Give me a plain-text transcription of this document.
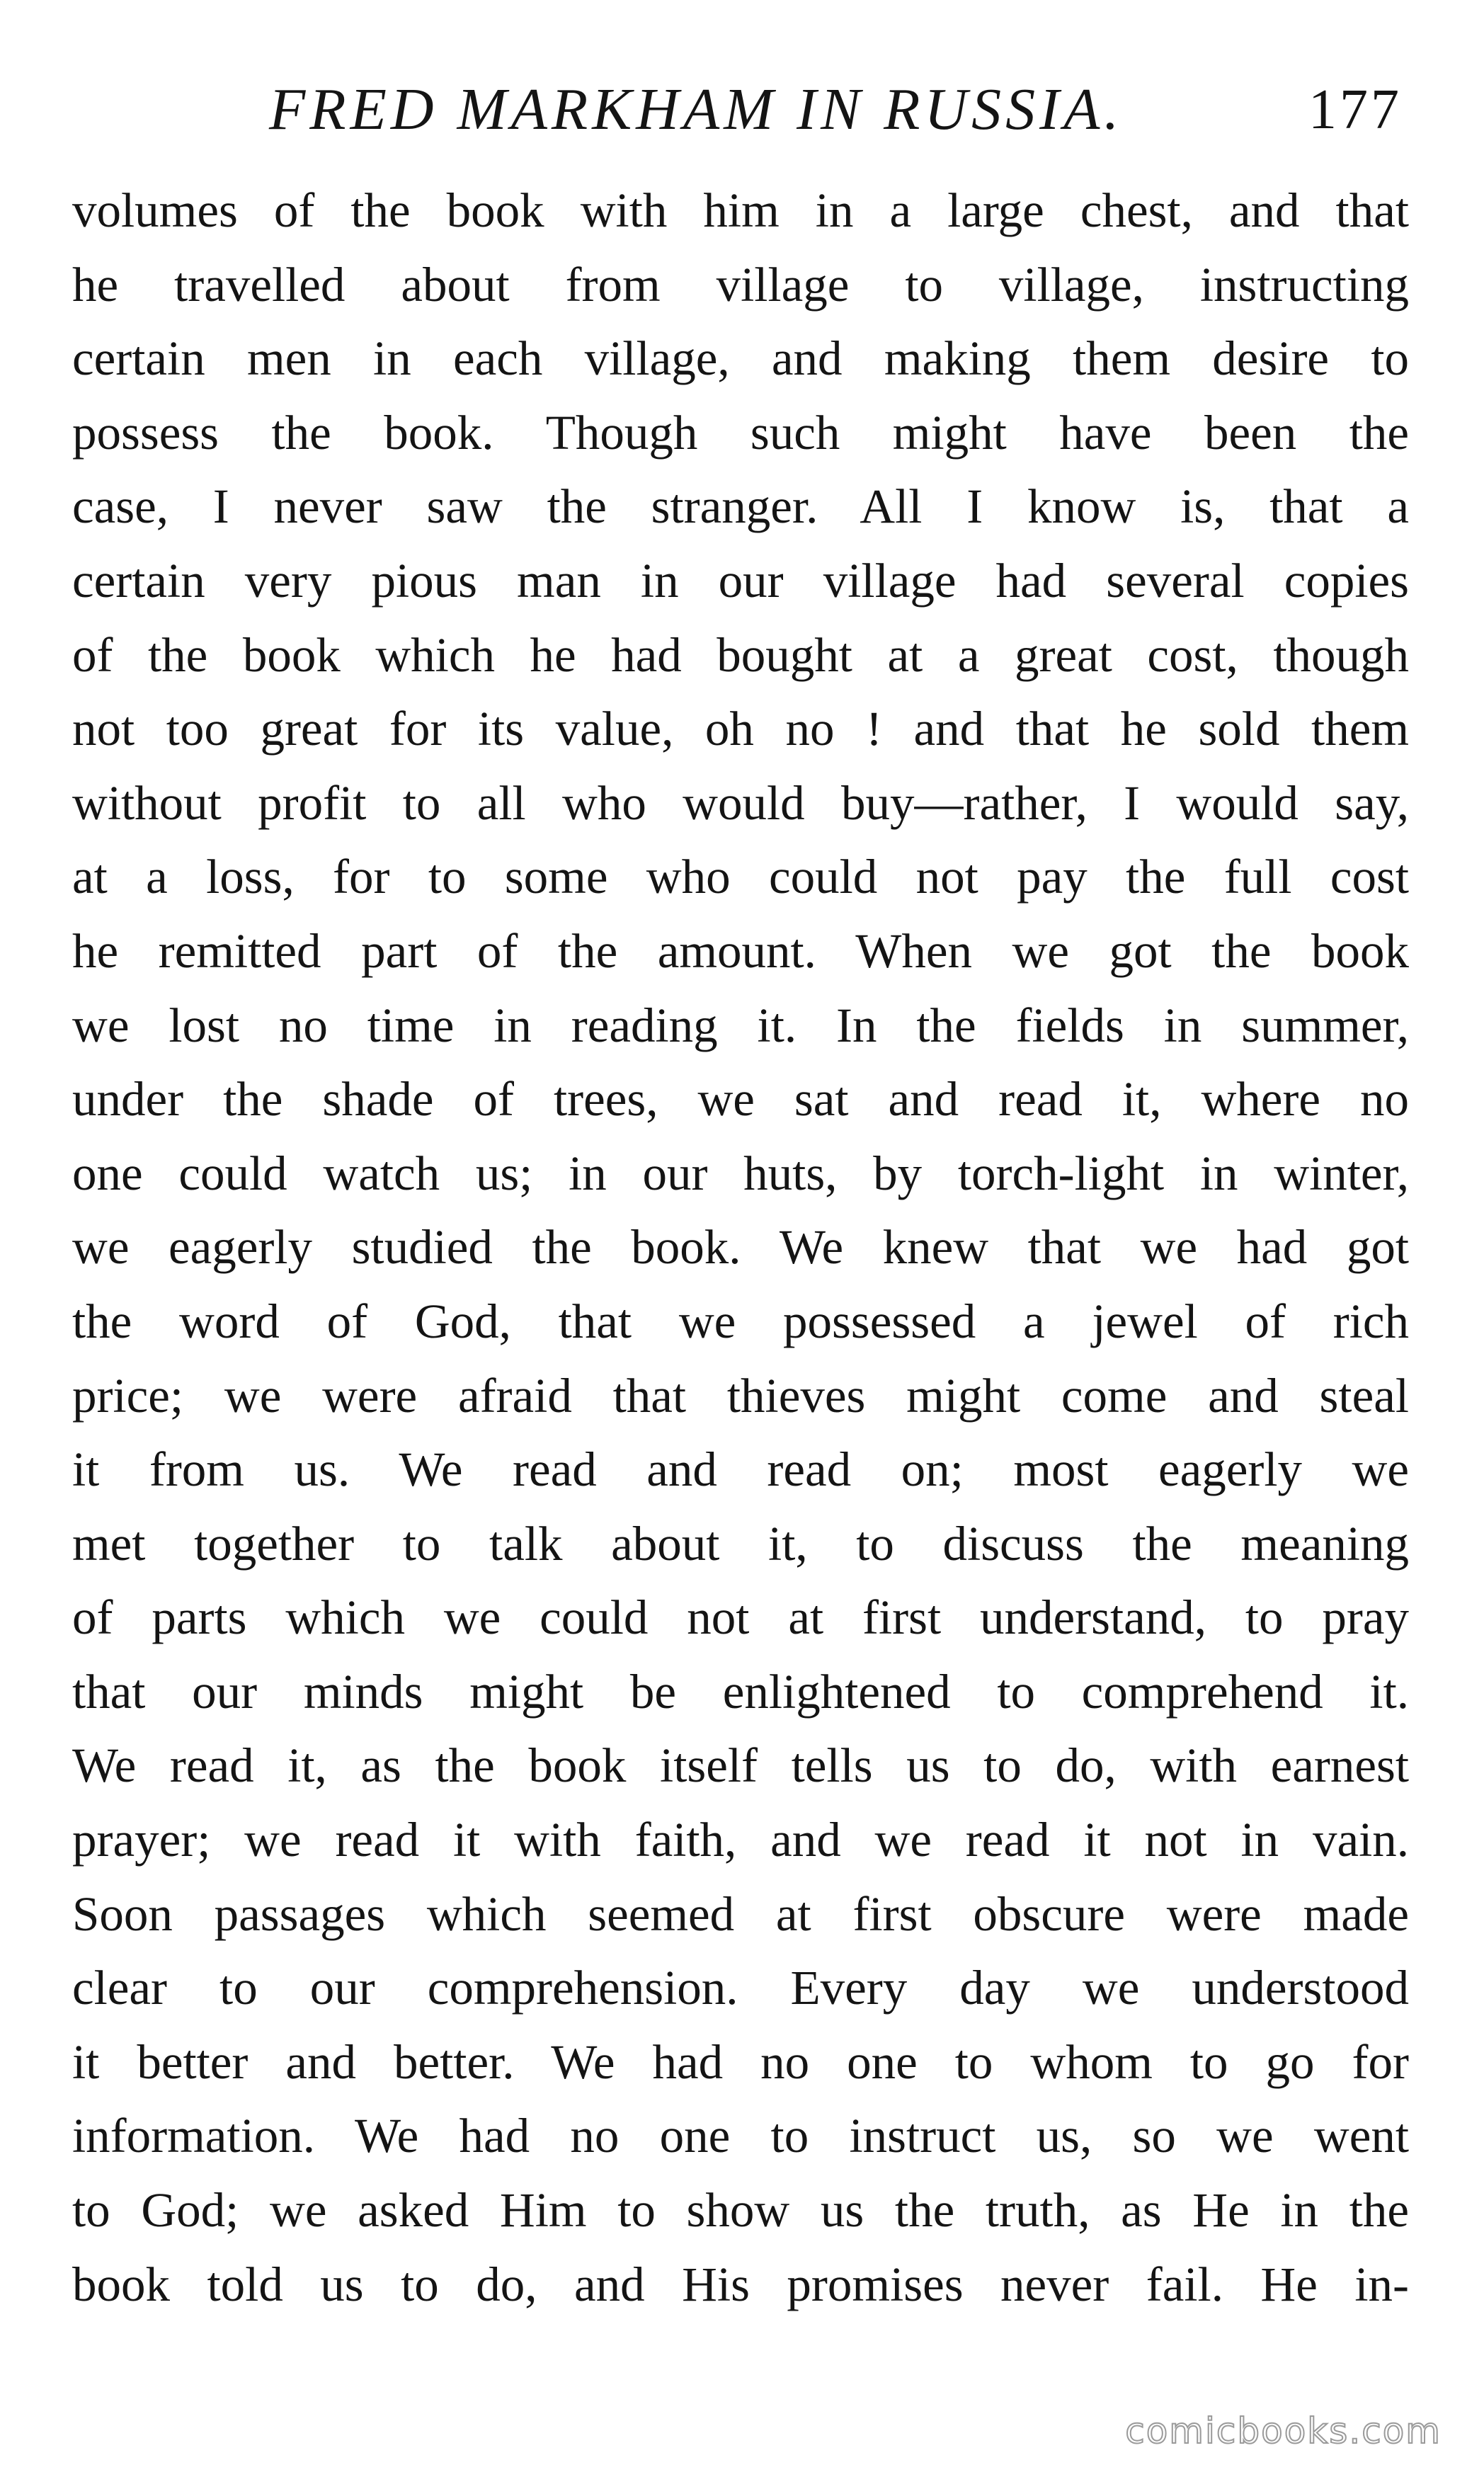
FRED MARKHAM IN RUSSIA.	177
volumes of the book with him in a large chest, and that
he travelled about from village to village, instructing
certain men in each village, and making them desire to
possess the book. Though such might have been the
case, I never saw the stranger. All I know is, that a
certain very pious man in our village had several copies
of the book which he had bought at a great cost, though
not too great for its value, oh no ! and that he sold them
without profit to all who would buy—rather, I would say,
at a loss, for to some who could not pay the full cost
he remitted part of the amount. When we got the book
we lost no time in reading it. In the fields in summer,
under the shade of trees, we sat and read it, where no
one could watch us; in our huts, by torch-light in winter,
we eagerly studied the book. We knew that we had got
the word of God, that we possessed a jewel of rich
price; we were afraid that thieves might come and steal
it from us. We read and read on; most eagerly we
met together to talk about it, to discuss the meaning
of parts which we could not at first understand, to pray
that our minds might be enlightened to comprehend it.
We read it, as the book itself tells us to do, with earnest
prayer; we read it with faith, and we read it not in vain.
Soon passages which seemed at first obscure were made
clear to our comprehension. Every day we understood
it better and better. We had no one to whom to go for
information. We had no one to instruct us, so we went
to God; we asked Him to show us the truth, as He in the
book told us to do, and His promises never fail. He in-
comicbooks.com
